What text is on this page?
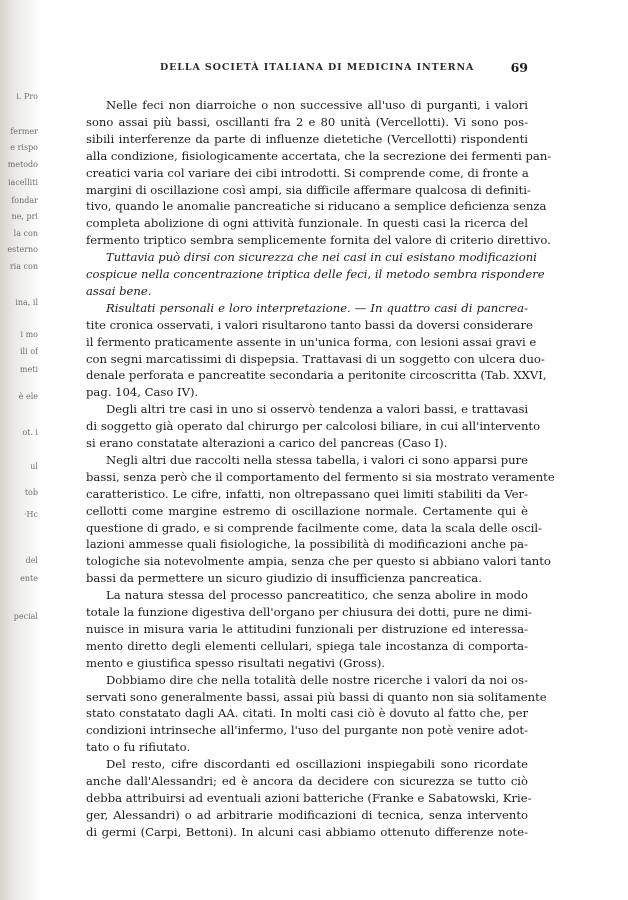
i. Pro
fermer
e rispo
metodo
iacelliti
fondar
ne, pri
la con
esterno
ria con
ina, il
i mo
ili of
meti
è ele
ot. i
ul
tob
·Hc
del
ente
pecial
DELLA SOCIETÀ ITALIANA DI MEDICINA INTERNA	69
Nelle feci non diarroiche o non successive all'uso di purganti, i valori
sono assai più bassi, oscillanti fra 2 e 80 unità (Vercellotti). Vi sono pos-
sibili interferenze da parte di influenze dietetiche (Vercellotti) rispondenti
alla condizione, fisiologicamente accertata, che la secrezione dei fermenti pan-
creatici varia col variare dei cibi introdotti. Si comprende come, di fronte a
margini di oscillazione così ampi, sia difficile affermare qualcosa di definiti-
tivo, quando le anomalie pancreatiche si riducano a semplice deficienza senza
completa abolizione di ogni attività funzionale. In questi casi la ricerca del
fermento triptico sembra semplicemente fornita del valore di criterio direttivo.
Tuttavia può dirsi con sicurezza che nei casi in cui esistano modificazioni
cospicue nella concentrazione triptica delle feci, il metodo sembra rispondere
assai bene.
Risultati personali e loro interpretazione. — In quattro casi di pancrea-
tite cronica osservati, i valori risultarono tanto bassi da doversi considerare
il fermento praticamente assente in un'unica forma, con lesioni assai gravi e
con segni marcatissimi di dispepsia. Trattavasi di un soggetto con ulcera duo-
denale perforata e pancreatite secondaria a peritonite circoscritta (Tab. XXVI,
pag. 104, Caso IV).
Degli altri tre casi in uno si osservò tendenza a valori bassi, e trattavasi
di soggetto già operato dal chirurgo per calcolosi biliare, in cui all'intervento
si erano constatate alterazioni a carico del pancreas (Caso I).
Negli altri due raccolti nella stessa tabella, i valori ci sono apparsi pure
bassi, senza però che il comportamento del fermento si sia mostrato veramente
caratteristico. Le cifre, infatti, non oltrepassano quei limiti stabiliti da Ver-
cellotti come margine estremo di oscillazione normale. Certamente qui è
questione di grado, e si comprende facilmente come, data la scala delle oscil-
lazioni ammesse quali fisiologiche, la possibilità di modificazioni anche pa-
tologiche sia notevolmente ampia, senza che per questo si abbiano valori tanto
bassi da permettere un sicuro giudizio di insufficienza pancreatica.
La natura stessa del processo pancreatitico, che senza abolire in modo
totale la funzione digestiva dell'organo per chiusura dei dotti, pure ne dimi-
nuisce in misura varia le attitudini funzionali per distruzione ed interessa-
mento diretto degli elementi cellulari, spiega tale incostanza di comporta-
mento e giustifica spesso risultati negativi (Gross).
Dobbiamo dire che nella totalità delle nostre ricerche i valori da noi os-
servati sono generalmente bassi, assai più bassi di quanto non sia solitamente
stato constatato dagli AA. citati. In molti casi ciò è dovuto al fatto che, per
condizioni intrinseche all'infermo, l'uso del purgante non potè venire adot-
tato o fu rifiutato.
Del resto, cifre discordanti ed oscillazioni inspiegabili sono ricordate
anche dall'Alessandri; ed è ancora da decidere con sicurezza se tutto ciò
debba attribuirsi ad eventuali azioni batteriche (Franke e Sabatowski, Krie-
ger, Alessandri) o ad arbitrarie modificazioni di tecnica, senza intervento
di germi (Carpi, Bettoni). In alcuni casi abbiamo ottenuto differenze note-
